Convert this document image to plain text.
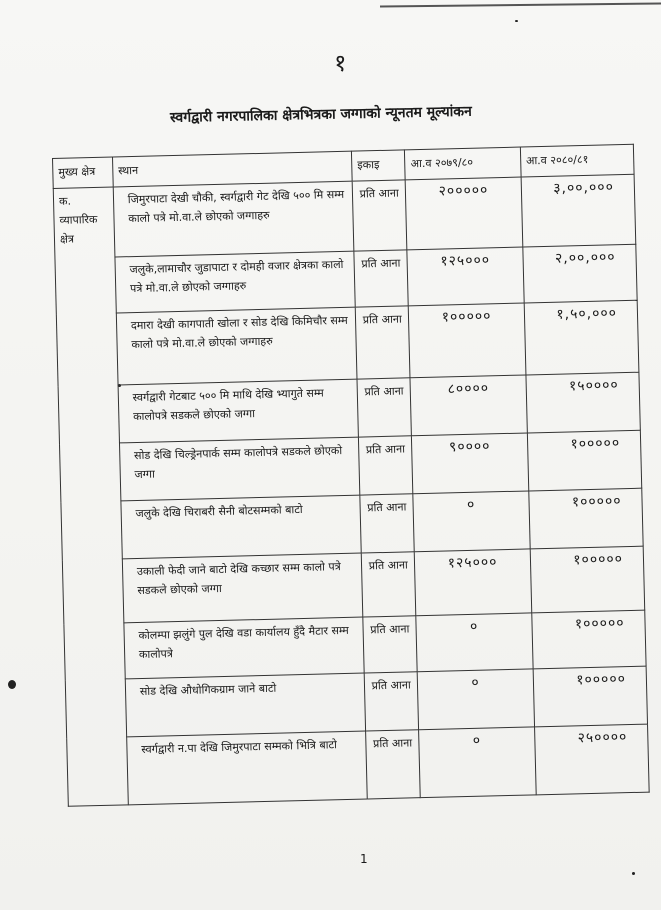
१
स्वर्गद्वारी नगरपालिका क्षेत्रभित्रका जग्गाको न्यूनतम मूल्यांकन
मुख्य क्षेत्र	स्थान	इकाइ	आ.व २०७९/८०	आ.व २०८०/८१
क. व्यापारिक क्षेत्र	जिमुरपाटा देखी चौकी, स्वर्गद्वारी गेट देखि ५०० मि सम्म कालो पत्रे मो.वा.ले छोएको जग्गाहरु	प्रति आना	२०००००	३,००,०००
	जलुके,लामाचौर जुडापाटा र दोमही वजार क्षेत्रका कालो पत्रे मो.वा.ले छोएको जग्गाहरु	प्रति आना	१२५०००	२,००,०००
	दमारा देखी कागपाती खोला र सोड देखि किमिचौर सम्म कालो पत्रे मो.वा.ले छोएको जग्गाहरु	प्रति आना	१०००००	१,५०,०००
	स्वर्गद्वारी गेटबाट ५०० मि माथि देखि भ्यागुते सम्म कालोपत्रे सडकले छोएको जग्गा	प्रति आना	८००००	१५००००
	सोड देखि चिल्ड्रेनपार्क सम्म कालोपत्रे सडकले छोएको जग्गा	प्रति आना	९००००	१०००००
	जलुके देखि चिराबरी सैनी बोटसम्मको बाटो	प्रति आना	०	१०००००
	उकाली फेदी जाने बाटो देखि कच्छार सम्म कालो पत्रे सडकले छोएको जग्गा	प्रति आना	१२५०००	१०००००
	कोलम्पा झलुंगे पुल देखि वडा कार्यालय हुँदै मैटार सम्म कालोपत्रे	प्रति आना	०	१०००००
	सोड देखि औधोगिकग्राम जाने बाटो	प्रति आना	०	१०००००
	स्वर्गद्वारी न.पा देखि जिमुरपाटा सम्मको भित्रि बाटो	प्रति आना	०	२५००००
1
